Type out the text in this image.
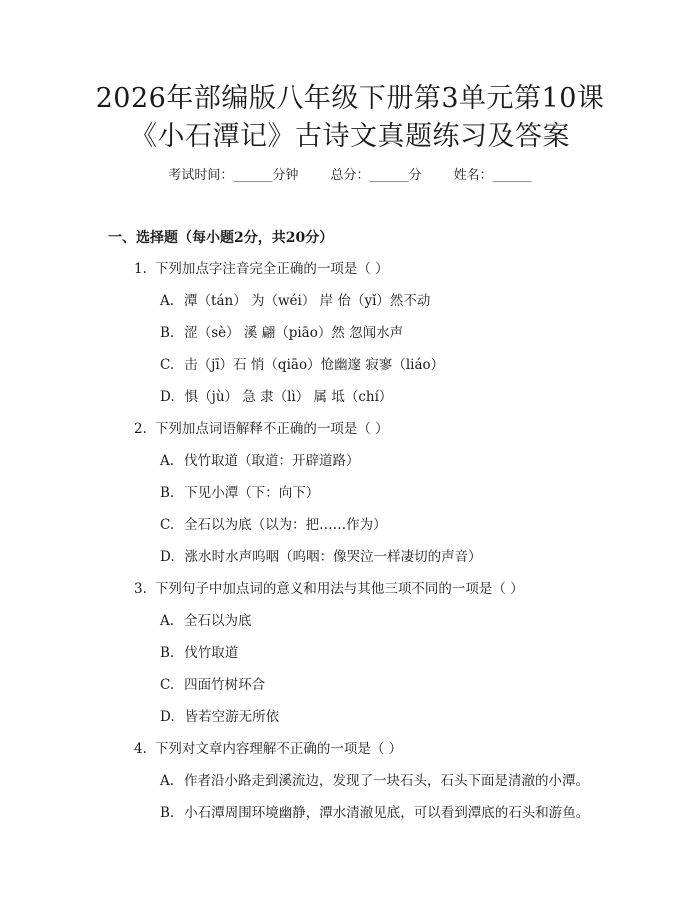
2026年部编版八年级下册第3单元第10课
《小石潭记》古诗文真题练习及答案
考试时间：______分钟 总分：______分 姓名：______
一、选择题（每小题2分，共20分）
1. 下列加点字注音完全正确的一项是（ ）
A. 潭（tán） 为（wéi） 岸 佁（yǐ）然不动
B. 涩（sè） 溪 翩（piāo）然 忽闻水声
C. 击（jī）石 悄（qiāo）怆幽邃 寂寥（liáo）
D. 惧（jù） 急 隶（lì） 属 坻（chí）
2. 下列加点词语解释不正确的一项是（ ）
A. 伐竹取道（取道：开辟道路）
B. 下见小潭（下：向下）
C. 全石以为底（以为：把……作为）
D. 涨水时水声呜咽（呜咽：像哭泣一样凄切的声音）
3. 下列句子中加点词的意义和用法与其他三项不同的一项是（ ）
A. 全石以为底
B. 伐竹取道
C. 四面竹树环合
D. 皆若空游无所依
4. 下列对文章内容理解不正确的一项是（ ）
A. 作者沿小路走到溪流边，发现了一块石头，石头下面是清澈的小潭。
B. 小石潭周围环境幽静，潭水清澈见底，可以看到潭底的石头和游鱼。
